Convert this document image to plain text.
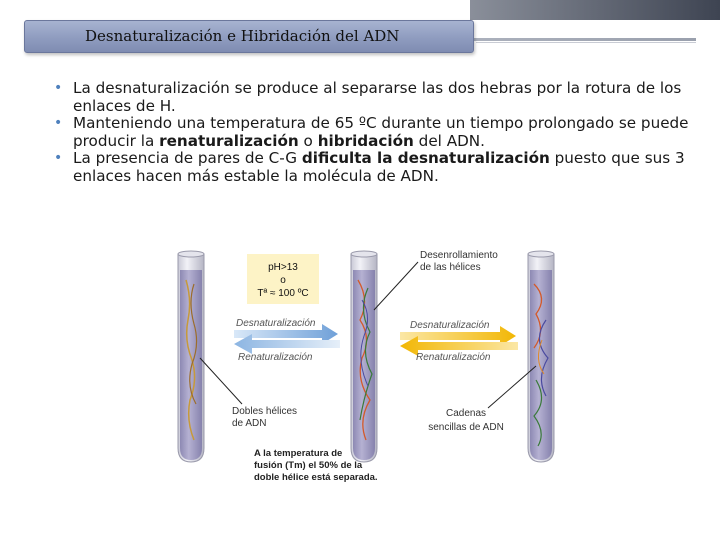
Desnaturalización e Hibridación del ADN
• La desnaturalización se produce al separarse las dos hebras por la rotura de los enlaces de H.
• Manteniendo una temperatura de 65 ºC durante un tiempo prolongado se puede producir la renaturalización o hibridación del ADN.
• La presencia de pares de C-G dificulta la desnaturalización puesto que sus 3 enlaces hacen más estable la molécula de ADN.
pH>13
o
Tª ≈ 100 ºC
Desnaturalización
Renaturalización
Desnaturalización
Renaturalización
Desenrollamiento
de las hélices
Dobles hélices
de ADN
Cadenas
sencillas de ADN
A la temperatura de
fusión (Tm) el 50% de la
doble hélice está separada.
